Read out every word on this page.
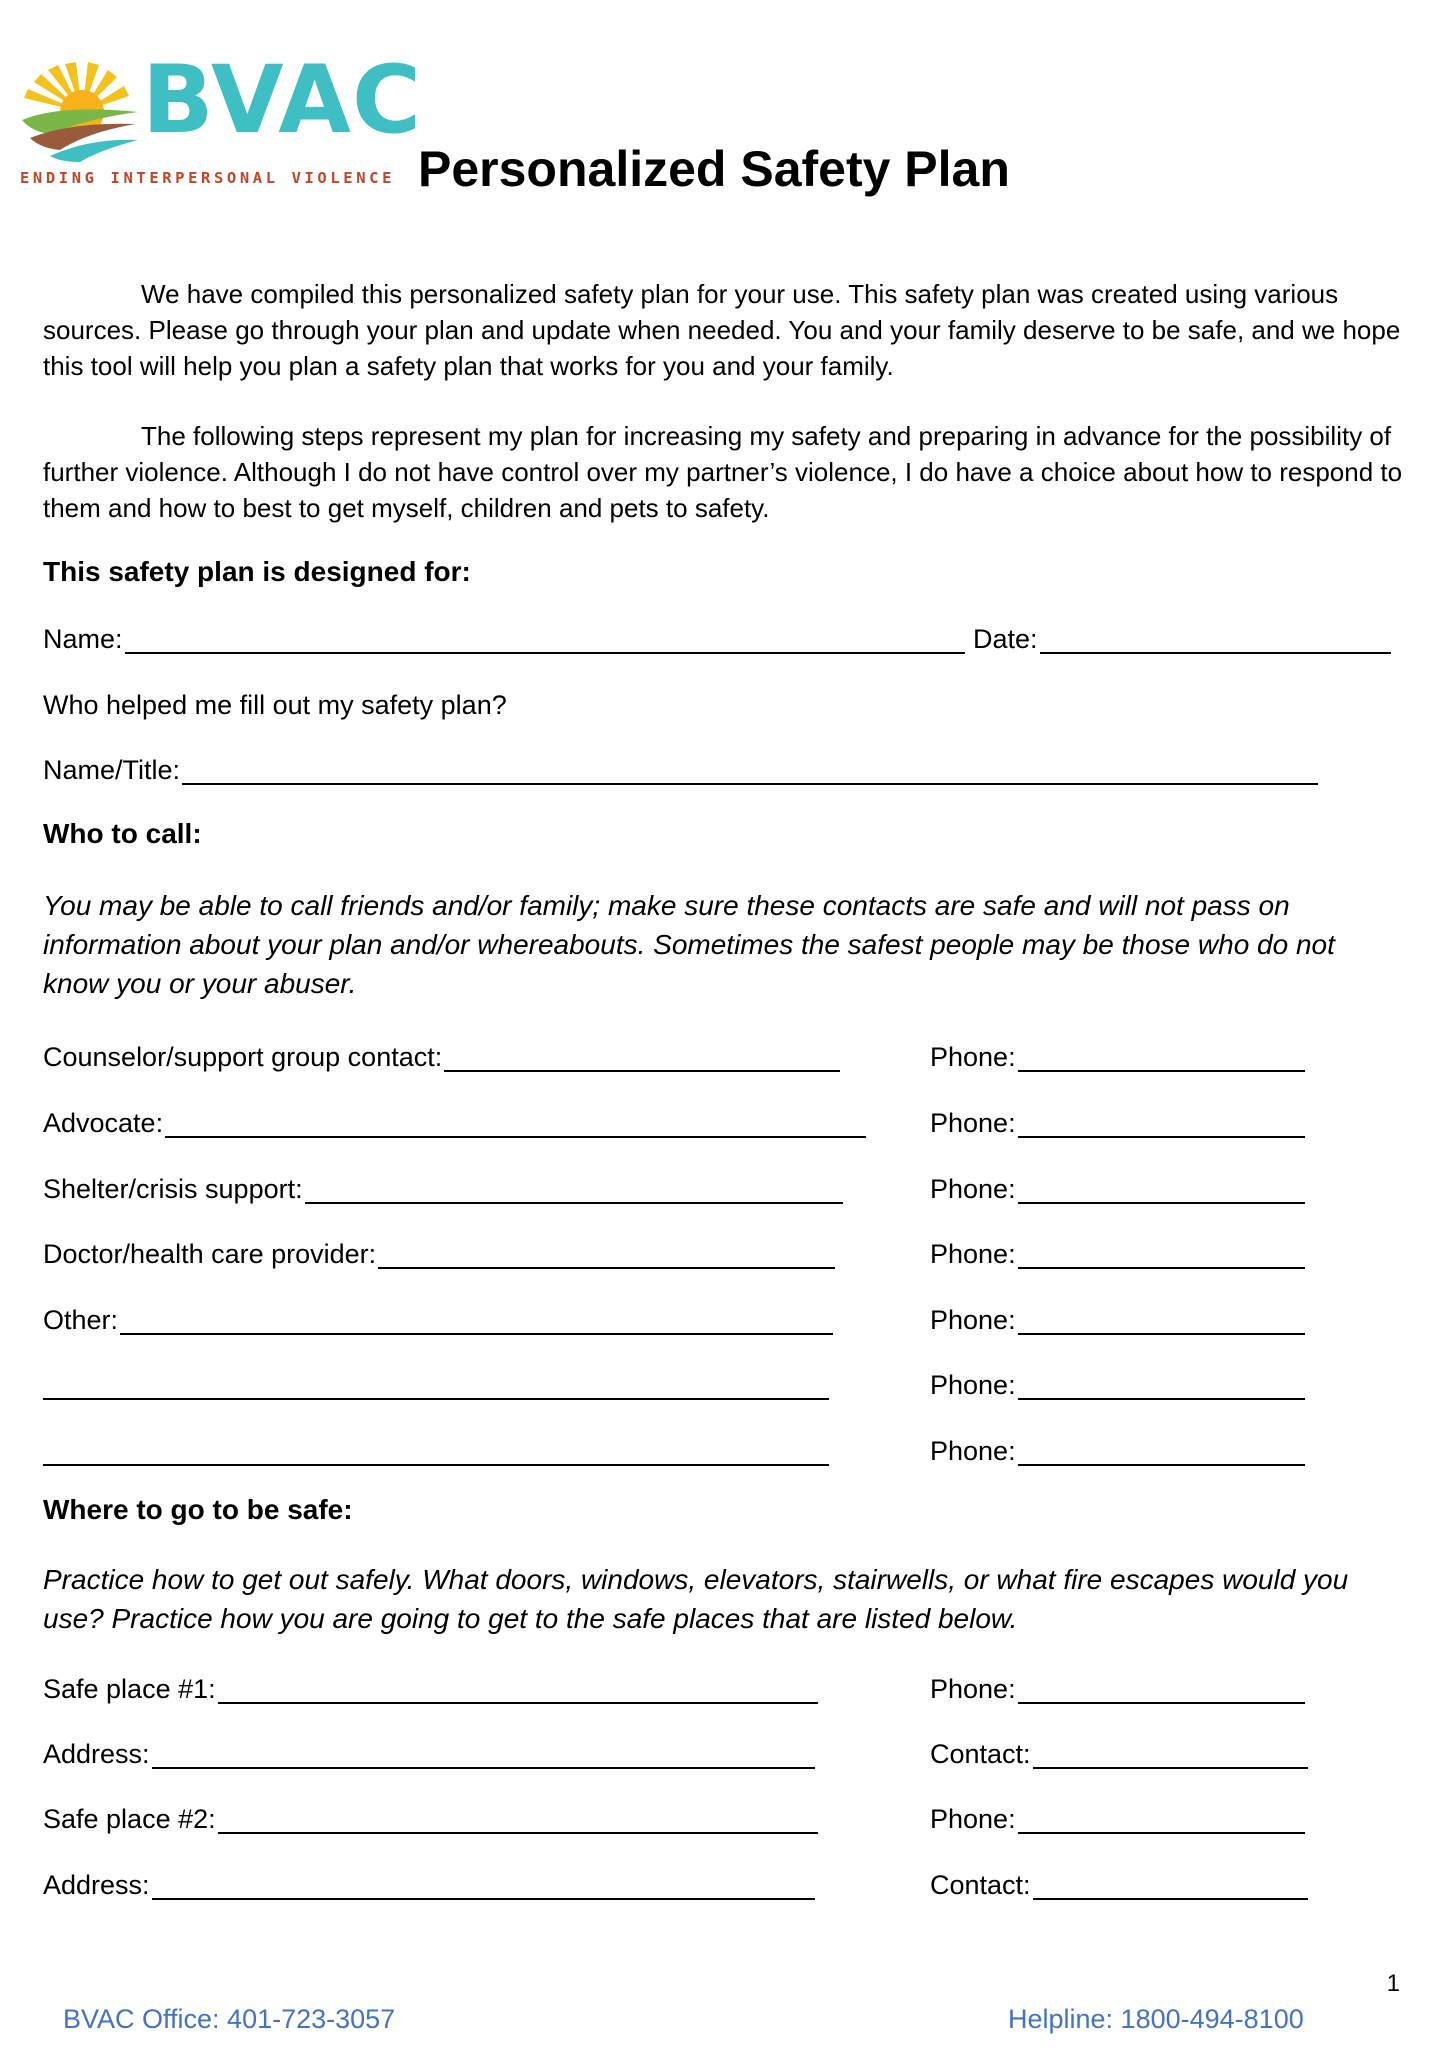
BVAC
ENDING INTERPERSONAL VIOLENCE Personalized Safety Plan
We have compiled this personalized safety plan for your use. This safety plan was created using various sources. Please go through your plan and update when needed. You and your family deserve to be safe, and we hope this tool will help you plan a safety plan that works for you and your family.
The following steps represent my plan for increasing my safety and preparing in advance for the possibility of further violence. Although I do not have control over my partner’s violence, I do have a choice about how to respond to them and how to best to get myself, children and pets to safety.
This safety plan is designed for:
Name:	Date:
Who helped me fill out my safety plan?
Name/Title:
Who to call:
You may be able to call friends and/or family; make sure these contacts are safe and will not pass on information about your plan and/or whereabouts. Sometimes the safest people may be those who do not know you or your abuser.
Counselor/support group contact:	Phone:
Advocate:	Phone:
Shelter/crisis support:	Phone:
Doctor/health care provider:	Phone:
Other:	Phone:
Phone:
Phone:
Where to go to be safe:
Practice how to get out safely. What doors, windows, elevators, stairwells, or what fire escapes would you use? Practice how you are going to get to the safe places that are listed below.
Safe place #1:	Phone:
Address:	Contact:
Safe place #2:	Phone:
Address:	Contact:
1
BVAC Office: 401-723-3057	Helpline: 1800-494-8100
